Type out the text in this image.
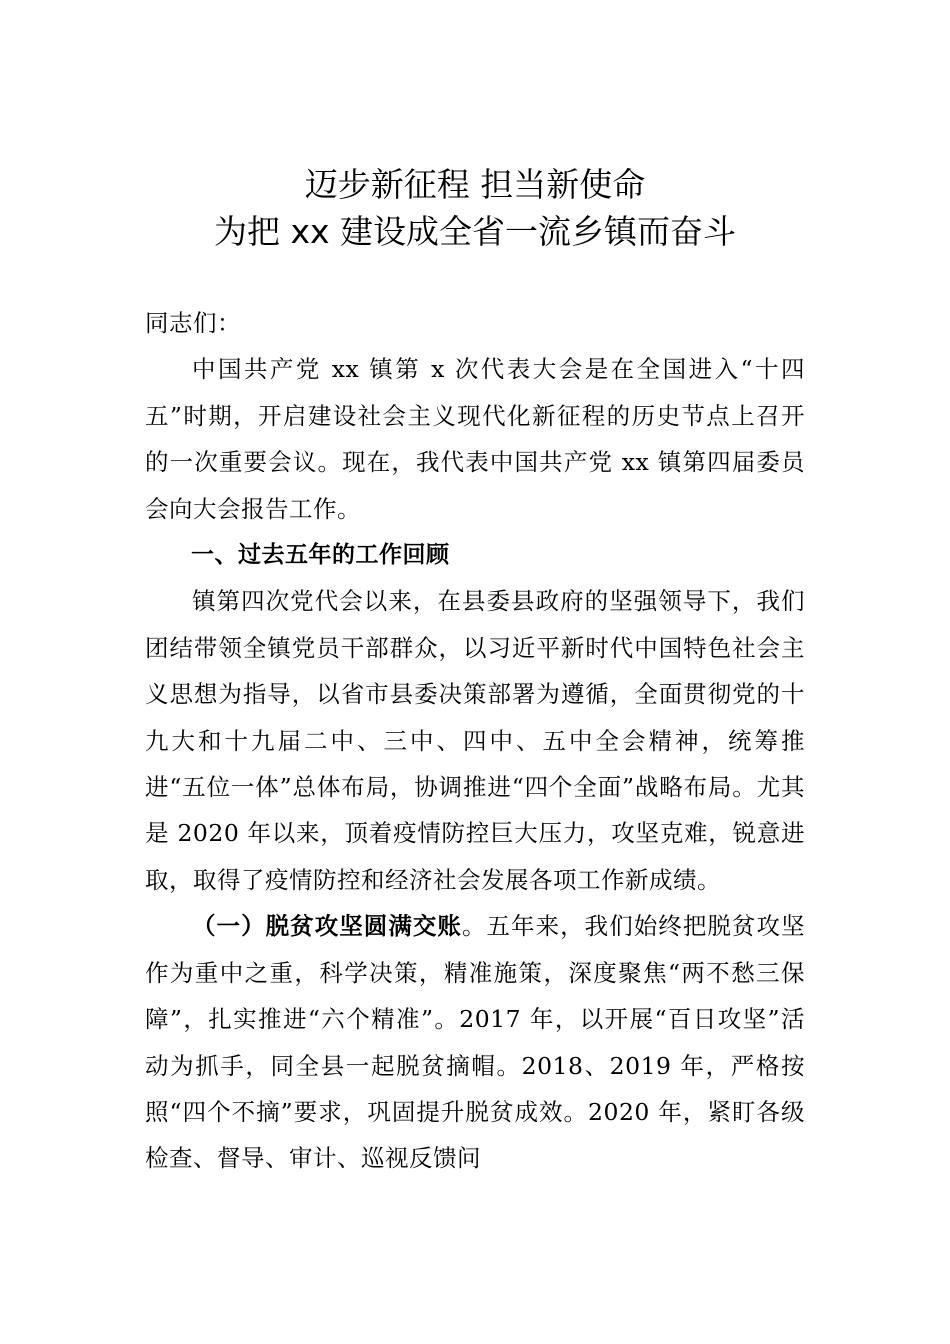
迈步新征程 担当新使命
为把 xx 建设成全省一流乡镇而奋斗

同志们：

中国共产党 xx 镇第 x 次代表大会是在全国进入“十四五”时期，开启建设社会主义现代化新征程的历史节点上召开的一次重要会议。现在，我代表中国共产党 xx 镇第四届委员会向大会报告工作。

一、过去五年的工作回顾

镇第四次党代会以来，在县委县政府的坚强领导下，我们团结带领全镇党员干部群众，以习近平新时代中国特色社会主义思想为指导，以省市县委决策部署为遵循，全面贯彻党的十九大和十九届二中、三中、四中、五中全会精神，统筹推进“五位一体”总体布局，协调推进“四个全面”战略布局。尤其是 2020 年以来，顶着疫情防控巨大压力，攻坚克难，锐意进取，取得了疫情防控和经济社会发展各项工作新成绩。

（一）脱贫攻坚圆满交账。五年来，我们始终把脱贫攻坚作为重中之重，科学决策，精准施策，深度聚焦“两不愁三保障”，扎实推进“六个精准”。2017 年，以开展“百日攻坚”活动为抓手，同全县一起脱贫摘帽。2018、2019 年，严格按照“四个不摘”要求，巩固提升脱贫成效。2020 年，紧盯各级检查、督导、审计、巡视反馈问
